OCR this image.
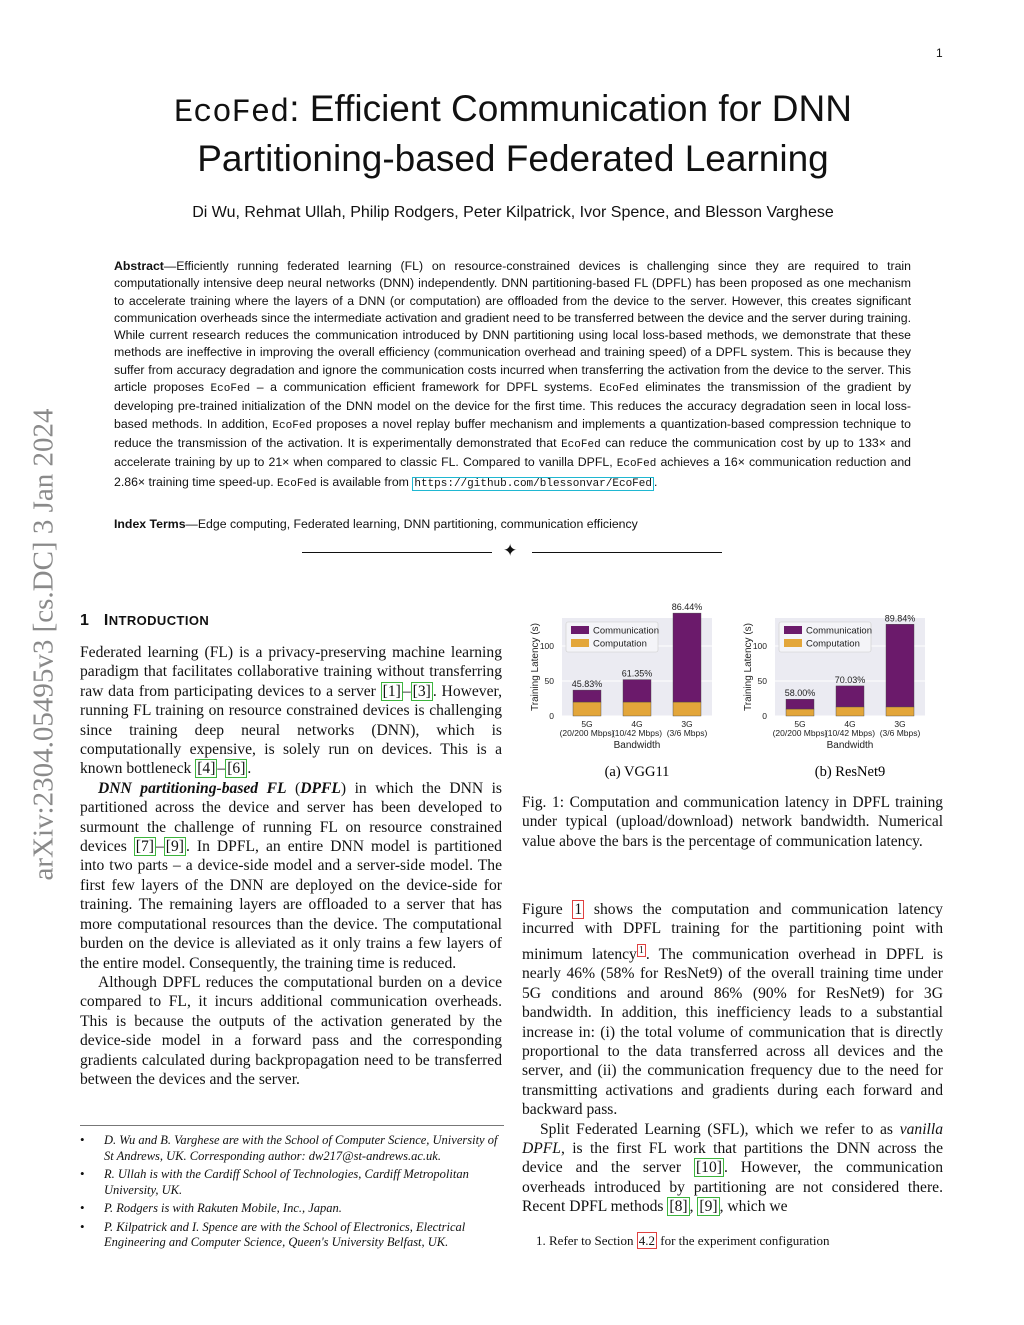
1
EcoFed: Efficient Communication for DNN
Partitioning-based Federated Learning
Di Wu, Rehmat Ullah, Philip Rodgers, Peter Kilpatrick, Ivor Spence, and Blesson Varghese
Abstract—Efficiently running federated learning (FL) on resource-constrained devices is challenging since they are required to train computationally intensive deep neural networks (DNN) independently. DNN partitioning-based FL (DPFL) has been proposed as one mechanism to accelerate training where the layers of a DNN (or computation) are offloaded from the device to the server. However, this creates significant communication overheads since the intermediate activation and gradient need to be transferred between the device and the server during training. While current research reduces the communication introduced by DNN partitioning using local loss-based methods, we demonstrate that these methods are ineffective in improving the overall efficiency (communication overhead and training speed) of a DPFL system. This is because they suffer from accuracy degradation and ignore the communication costs incurred when transferring the activation from the device to the server. This article proposes EcoFed – a communication efficient framework for DPFL systems. EcoFed eliminates the transmission of the gradient by developing pre-trained initialization of the DNN model on the device for the first time. This reduces the accuracy degradation seen in local loss-based methods. In addition, EcoFed proposes a novel replay buffer mechanism and implements a quantization-based compression technique to reduce the transmission of the activation. It is experimentally demonstrated that EcoFed can reduce the communication cost by up to 133× and accelerate training by up to 21× when compared to classic FL. Compared to vanilla DPFL, EcoFed achieves a 16× communication reduction and 2.86× training time speed-up. EcoFed is available from https://github.com/blessonvar/EcoFed .
Index Terms—Edge computing, Federated learning, DNN partitioning, communication efficiency
✦
arXiv:2304.05495v3 [cs.DC] 3 Jan 2024 1 INTRODUCTION

Federated learning (FL) is a privacy-preserving machine learning paradigm that facilitates collaborative training without transferring raw data from participating devices to a server [1] – [3] . However, running FL training on resource constrained devices is challenging since training deep neural networks (DNN), which is computationally expensive, is solely run on devices. This is a known bottleneck [4] – [6] .

DNN partitioning-based FL (DPFL) in which the DNN is partitioned across the device and server has been developed to surmount the challenge of running FL on resource constrained devices [7] – [9] . In DPFL, an entire DNN model is partitioned into two parts – a device-side model and a server-side model. The first few layers of the DNN are deployed on the device-side for training. The remaining layers are offloaded to a server that has more computational resources than the device. The computational burden on the device is alleviated as it only trains a few layers of the entire model. Consequently, the training time is reduced.

Although DPFL reduces the computational burden on a device compared to FL, it incurs additional communication overheads. This is because the outputs of the activation generated by the device-side model in a forward pass and the corresponding gradients calculated during backpropagation need to be transferred between the devices and the server.

• D. Wu and B. Varghese are with the School of Computer Science, University of St Andrews, UK. Corresponding author: dw217@st-andrews.ac.uk.
• R. Ullah is with the Cardiff School of Technologies, Cardiff Metropolitan University, UK.
• P. Rodgers is with Rakuten Mobile, Inc., Japan.
• P. Kilpatrick and I. Spence are with the School of Electronics, Electrical Engineering and Computer Science, Queen's University Belfast, UK.
0
50
100
Training Latency (s)	45.83%
5G
(20/200 Mbps)
61.35%
4G
(10/42 Mbps)
86.44%
3G
(3/6 Mbps)
Bandwidth
Communication
Computation
(a) VGG11
0
50
100
Training Latency (s)	58.00%
5G
(20/200 Mbps)
70.03%
4G
(10/42 Mbps)
89.84%
3G
(3/6 Mbps)
Bandwidth
Communication
Computation
(b) ResNet9
Fig. 1: Computation and communication latency in DPFL training under typical (upload/download) network bandwidth. Numerical value above the bars is the percentage of communication latency.

Figure 1 shows the computation and communication latency incurred with DPFL training for the partitioning point with minimum latency $^1$ . The communication overhead in DPFL is nearly 46% (58% for ResNet9) of the overall training time under 5G conditions and around 86% (90% for ResNet9) for 3G bandwidth. In addition, this inefficiency leads to a substantial increase in: (i) the total volume of communication that is directly proportional to the data transferred across all devices and the server, and (ii) the communication frequency due to the need for transmitting activations and gradients during each forward and backward pass.

Split Federated Learning (SFL), which we refer to as vanilla DPFL, is the first FL work that partitions the DNN across the device and the server [10] . However, the communication overheads introduced by partitioning are not considered there. Recent DPFL methods [8] , [9] , which we

1. Refer to Section 4.2 for the experiment configuration
